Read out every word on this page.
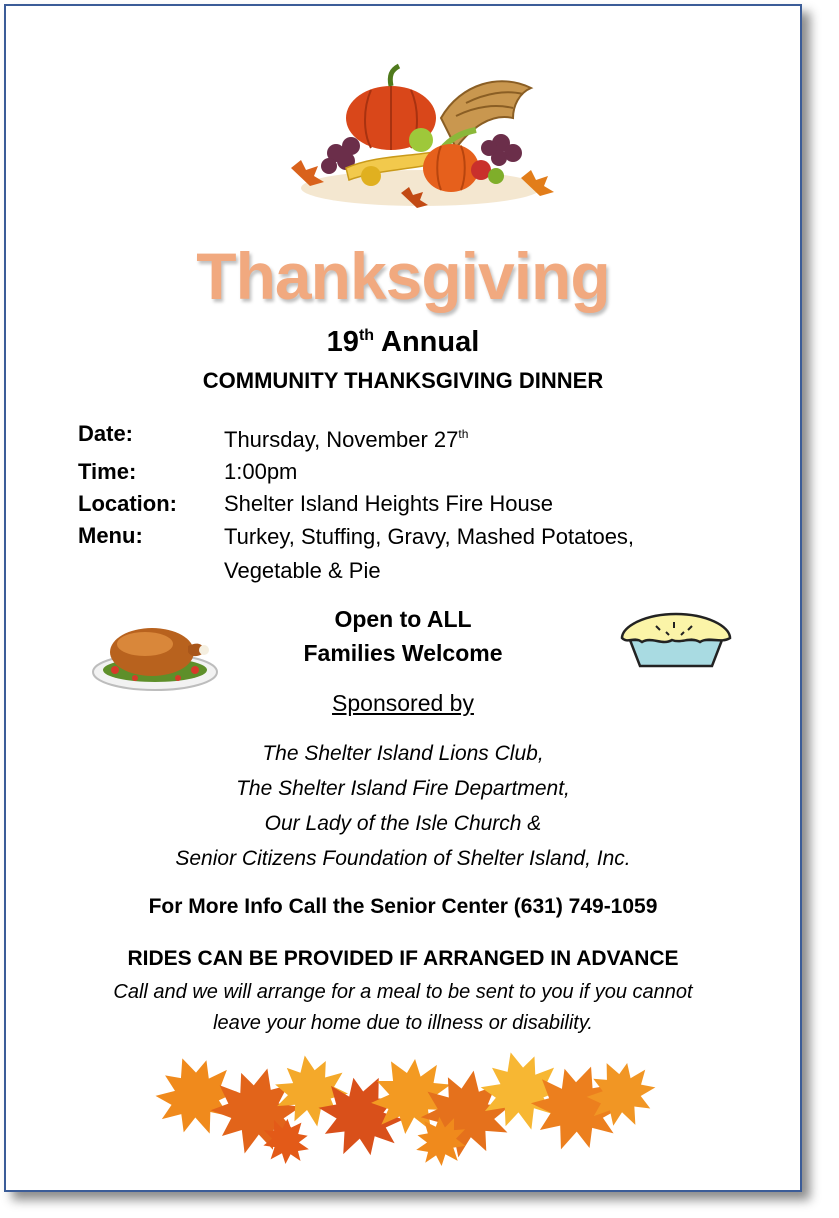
Thanksgiving
19th Annual
COMMUNITY THANKSGIVING DINNER
Date:	Thursday, November 27th
Time:	1:00pm
Location:	Shelter Island Heights Fire House
Menu:	Turkey, Stuffing, Gravy, Mashed Potatoes,
Vegetable & Pie
Open to ALL
Families Welcome
Sponsored by
The Shelter Island Lions Club,
The Shelter Island Fire Department,
Our Lady of the Isle Church &
Senior Citizens Foundation of Shelter Island, Inc.
For More Info Call the Senior Center (631) 749-1059
RIDES CAN BE PROVIDED IF ARRANGED IN ADVANCE
Call and we will arrange for a meal to be sent to you if you cannot
leave your home due to illness or disability.
